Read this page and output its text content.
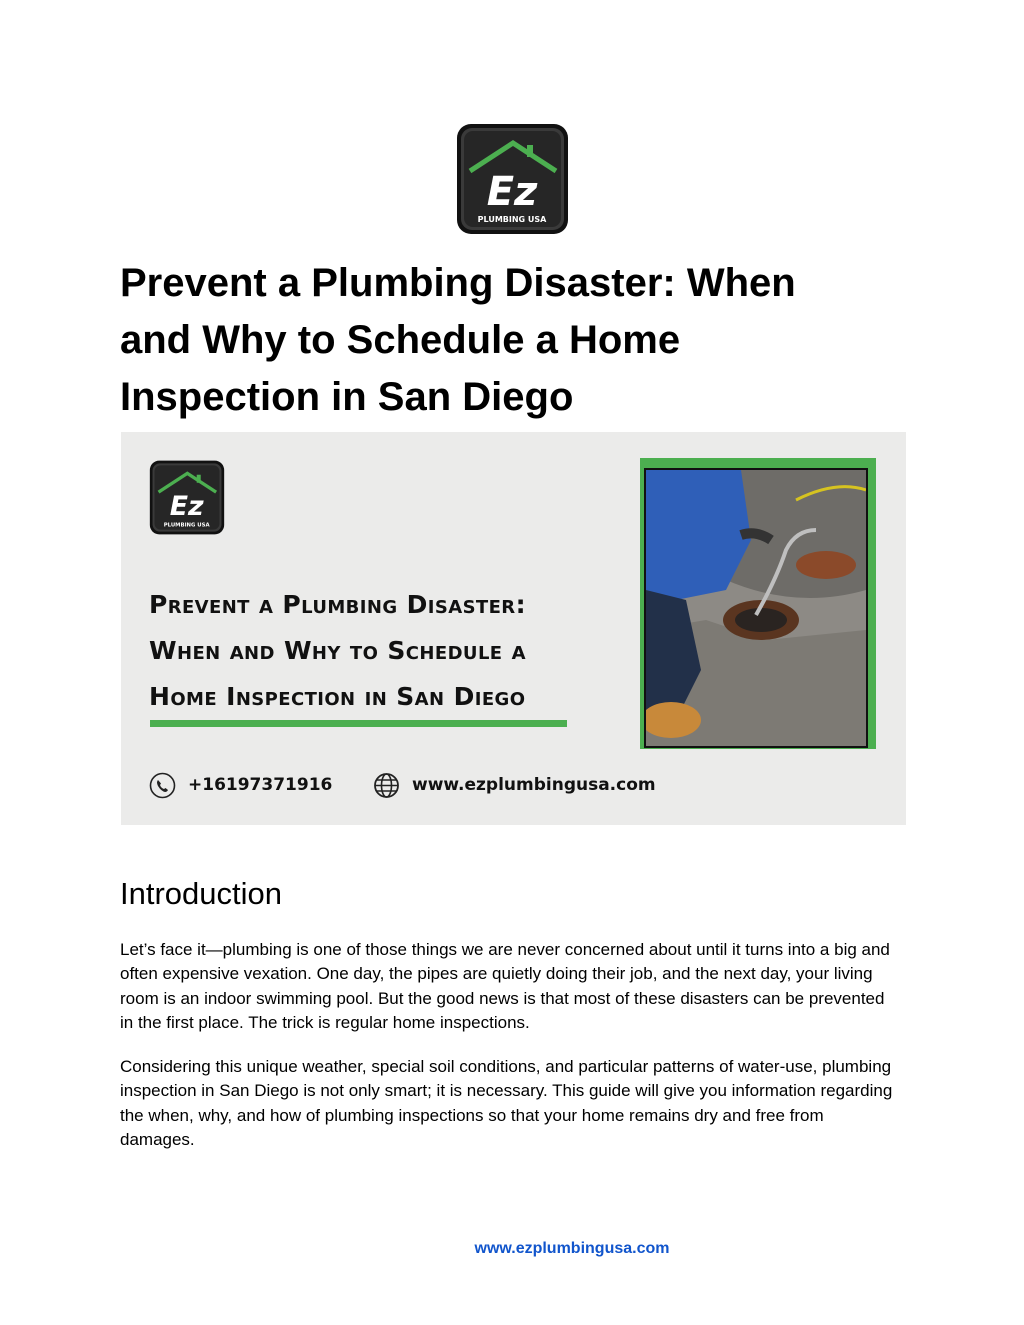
Ez
PLUMBING USA
Prevent a Plumbing Disaster: When
and Why to Schedule a Home
Inspection in San Diego
Ez
PLUMBING USA
Prevent a Plumbing Disaster:
When and Why to Schedule a
Home Inspection in San Diego
+16197371916	www.ezplumbingusa.com
Introduction

Let’s face it—plumbing is one of those things we are never concerned about until it turns into a big and often expensive vexation. One day, the pipes are quietly doing their job, and the next day, your living room is an indoor swimming pool. But the good news is that most of these disasters can be prevented in the first place. The trick is regular home inspections.

Considering this unique weather, special soil conditions, and particular patterns of water-use, plumbing inspection in San Diego is not only smart; it is necessary. This guide will give you information regarding the when, why, and how of plumbing inspections so that your home remains dry and free from damages.

www.ezplumbingusa.com
